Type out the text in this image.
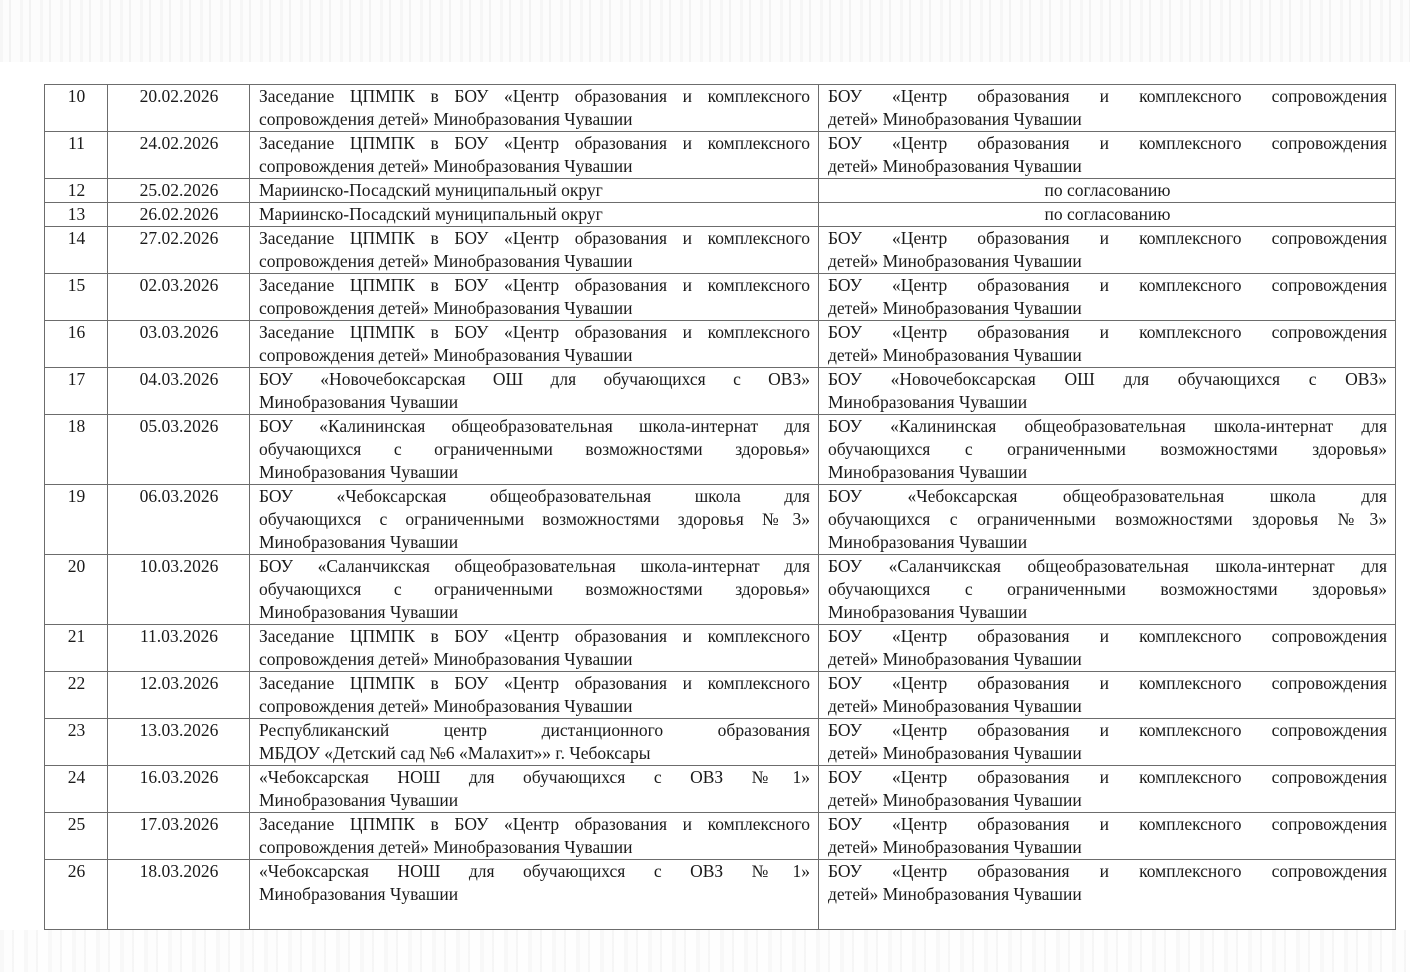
10	20.02.2026	Заседание ЦПМПК в БОУ «Центр образования и комплексного
сопровождения детей» Минобразования Чувашии	БОУ «Центр образования и комплексного сопровождения
детей» Минобразования Чувашии

11	24.02.2026	Заседание ЦПМПК в БОУ «Центр образования и комплексного
сопровождения детей» Минобразования Чувашии	БОУ «Центр образования и комплексного сопровождения
детей» Минобразования Чувашии

12	25.02.2026	Мариинско-Посадский муниципальный округ	по согласованию

13	26.02.2026	Мариинско-Посадский муниципальный округ	по согласованию

14	27.02.2026	Заседание ЦПМПК в БОУ «Центр образования и комплексного
сопровождения детей» Минобразования Чувашии	БОУ «Центр образования и комплексного сопровождения
детей» Минобразования Чувашии

15	02.03.2026	Заседание ЦПМПК в БОУ «Центр образования и комплексного
сопровождения детей» Минобразования Чувашии	БОУ «Центр образования и комплексного сопровождения
детей» Минобразования Чувашии

16	03.03.2026	Заседание ЦПМПК в БОУ «Центр образования и комплексного
сопровождения детей» Минобразования Чувашии	БОУ «Центр образования и комплексного сопровождения
детей» Минобразования Чувашии

17	04.03.2026	БОУ «Новочебоксарская ОШ для обучающихся с ОВЗ»
Минобразования Чувашии	БОУ «Новочебоксарская ОШ для обучающихся с ОВЗ»
Минобразования Чувашии

18	05.03.2026	БОУ «Калининская общеобразовательная школа-интернат для
обучающихся с ограниченными возможностями здоровья»
Минобразования Чувашии	БОУ «Калининская общеобразовательная школа-интернат для
обучающихся с ограниченными возможностями здоровья»
Минобразования Чувашии

19	06.03.2026	БОУ «Чебоксарская общеобразовательная школа для
обучающихся с ограниченными возможностями здоровья №3»
Минобразования Чувашии	БОУ «Чебоксарская общеобразовательная школа для
обучающихся с ограниченными возможностями здоровья №3»
Минобразования Чувашии

20	10.03.2026	БОУ «Саланчикская общеобразовательная школа-интернат для
обучающихся с ограниченными возможностями здоровья»
Минобразования Чувашии	БОУ «Саланчикская общеобразовательная школа-интернат для
обучающихся с ограниченными возможностями здоровья»
Минобразования Чувашии

21	11.03.2026	Заседание ЦПМПК в БОУ «Центр образования и комплексного
сопровождения детей» Минобразования Чувашии	БОУ «Центр образования и комплексного сопровождения
детей» Минобразования Чувашии

22	12.03.2026	Заседание ЦПМПК в БОУ «Центр образования и комплексного
сопровождения детей» Минобразования Чувашии	БОУ «Центр образования и комплексного сопровождения
детей» Минобразования Чувашии

23	13.03.2026	Республиканский центр дистанционного образования
МБДОУ «Детский сад №6 «Малахит»» г. Чебоксары	БОУ «Центр образования и комплексного сопровождения
детей» Минобразования Чувашии

24	16.03.2026	«Чебоксарская НОШ для обучающихся с ОВЗ №1»
Минобразования Чувашии	БОУ «Центр образования и комплексного сопровождения
детей» Минобразования Чувашии

25	17.03.2026	Заседание ЦПМПК в БОУ «Центр образования и комплексного
сопровождения детей» Минобразования Чувашии	БОУ «Центр образования и комплексного сопровождения
детей» Минобразования Чувашии

26	18.03.2026	«Чебоксарская НОШ для обучающихся с ОВЗ №1»
Минобразования Чувашии	БОУ «Центр образования и комплексного сопровождения
детей» Минобразования Чувашии
